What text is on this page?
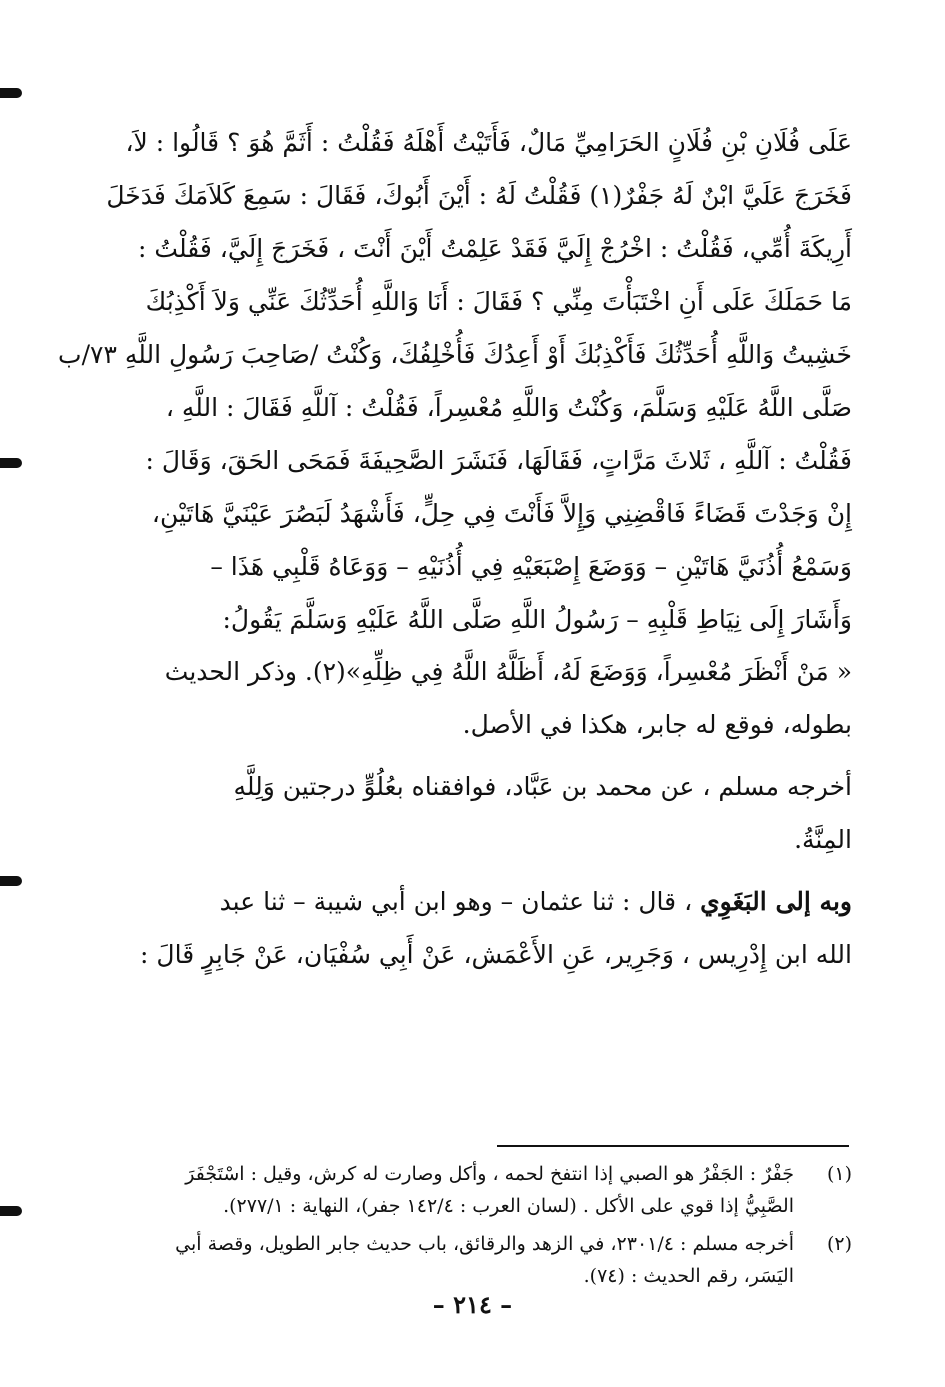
عَلَى فُلَانِ بْنِ فُلَانٍ الحَرَامِيِّ مَالٌ، فَأَتَيْتُ أَهْلَهُ فَقُلْتُ : أَثَمَّ هُوَ ؟ قَالُوا : لاَ،
فَخَرَجَ عَلَيَّ ابْنٌ لَهُ جَفْرٌ(١) فَقُلْتُ لَهُ : أَيْنَ أَبُوكَ، فَقَالَ : سَمِعَ كَلاَمَكَ فَدَخَلَ
أَرِيكَةَ أُمِّي، فَقُلْتُ : اخْرُجْ إِلَيَّ فَقَدْ عَلِمْتُ أَيْنَ أَنْتَ ، فَخَرَجَ إِلَيَّ، فَقُلْتُ :
مَا حَمَلَكَ عَلَى أَنِ اخْتَبَأْتَ مِنِّي ؟ فَقَالَ : أَنَا وَاللَّهِ أُحَدِّثُكَ عَنِّي وَلاَ أَكْذِبُكَ
خَشِيتُ وَاللَّهِ أُحَدِّثُكَ فَأَكْذِبُكَ أَوْ أَعِدُكَ فَأُخْلِفُكَ، وَكُنْتُ /صَاحِبَ رَسُولِ اللَّهِ ٧٣/ب
صَلَّى اللَّهُ عَلَيْهِ وَسَلَّمَ، وَكُنْتُ وَاللَّهِ مُعْسِراً، فَقُلْتُ : آللَّهِ فَقَالَ : اللَّهِ ،
فَقُلْتُ : آللَّهِ ، ثَلاثَ مَرَّاتٍ، فَقَالَهَا، فَنَشَرَ الصَّحِيفَةَ فَمَحَى الحَقَ، وَقَالَ :
إِنْ وَجَدْتَ قَضَاءً فَاقْضِنِي وَإِلاَّ فَأَنْتَ فِي حِلٍّ، فَأَشْهَدُ لَبَصُرَ عَيْنَيَّ هَاتَيْنِ،
وَسَمْعُ أُذُنَيَّ هَاتَيْنِ – وَوَضَعَ إِصْبَعَيْهِ فِي أُذُنَيْهِ – وَوَعَاهُ قَلْبِي هَذَا –
وَأَشَارَ إِلَى نِيَاطِ قَلْبِهِ – رَسُولُ اللَّهِ صَلَّى اللَّهُ عَلَيْهِ وَسَلَّمَ يَقُولُ:
« مَنْ أَنْظَرَ مُعْسِراً، وَوَضَعَ لَهُ، أَظَلَّهُ اللَّهُ فِي ظِلِّهِ»(٢). وذكر الحديث
بطوله، فوقع له جابر، هكذا في الأصل.
أخرجه مسلم ، عن محمد بن عَبَّاد، فوافقناه بعُلُوٍّ درجتين وَلِلَّهِ
المِنَّةُ.
وبه إلى البَغَوِي ، قال : ثنا عثمان – وهو ابن أبي شيبة – ثنا عبد
الله ابن إِدْرِيس ، وَجَرِير، عَنِ الأَعْمَش، عَنْ أَبِي سُفْيَان، عَنْ جَابِرٍ قَالَ :
(١)
جَفْرٌ : الجَفْرُ هو الصبي إذا انتفخ لحمه ، وأكل وصارت له كرش، وقيل : اسْتَجْفَرَ
الصَّبِيُّ إذا قوي على الأكل . (لسان العرب : ١٤٢/٤ جفر)، النهاية : ٢٧٧/١).
(٢)
أخرجه مسلم : ٢٣٠١/٤، في الزهد والرقائق، باب حديث جابر الطويل، وقصة أبي
اليَسَر، رقم الحديث : (٧٤).
– ٢١٤ –
